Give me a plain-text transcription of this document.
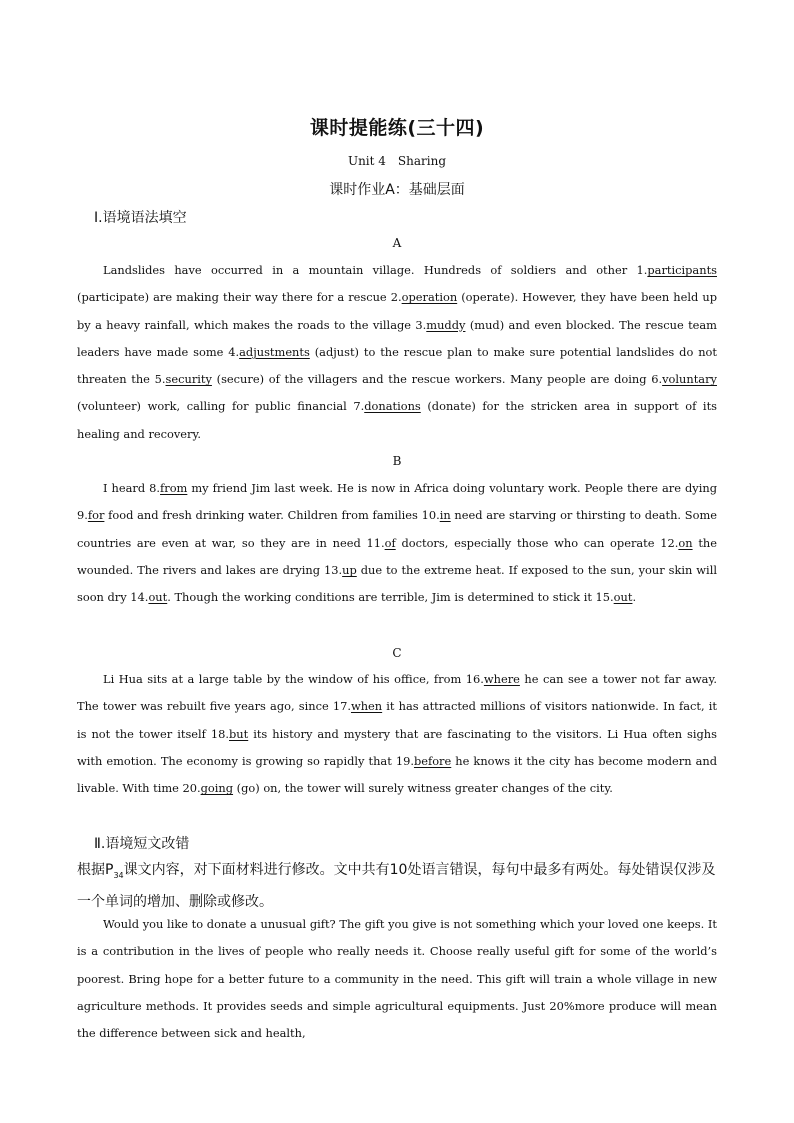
课时提能练(三十四)
Unit 4 Sharing
课时作业A：基础层面
Ⅰ.语境语法填空
A

Landslides have occurred in a mountain village. Hundreds of soldiers and other 1.participants (participate) are making their way there for a rescue 2.operation (operate). However, they have been held up by a heavy rainfall, which makes the roads to the village 3.muddy (mud) and even blocked. The rescue team leaders have made some 4.adjustments (adjust) to the rescue plan to make sure potential landslides do not threaten the 5.security (secure) of the villagers and the rescue workers. Many people are doing 6.voluntary (volunteer) work, calling for public financial 7.donations (donate) for the stricken area in support of its healing and recovery.

B

I heard 8.from my friend Jim last week. He is now in Africa doing voluntary work. People there are dying 9.for food and fresh drinking water. Children from families 10.in need are starving or thirsting to death. Some countries are even at war, so they are in need 11.of doctors, especially those who can operate 12.on the wounded. The rivers and lakes are drying 13.up due to the extreme heat. If exposed to the sun, your skin will soon dry 14.out. Though the working conditions are terrible, Jim is determined to stick it 15.out.

C

Li Hua sits at a large table by the window of his office, from 16.where he can see a tower not far away. The tower was rebuilt five years ago, since 17.when it has attracted millions of visitors nationwide. In fact, it is not the tower itself 18.but its history and mystery that are fascinating to the visitors. Li Hua often sighs with emotion. The economy is growing so rapidly that 19.before he knows it the city has become modern and livable. With time 20.going (go) on, the tower will surely witness greater changes of the city.

Ⅱ.语境短文改错

根据$P_{34}$课文内容，对下面材料进行修改。文中共有10处语言错误，每句中最多有两处。每处错误仅涉及一个单词的增加、删除或修改。

Would you like to donate a unusual gift? The gift you give is not something which your loved one keeps. It is a contribution in the lives of people who really needs it. Choose really useful gift for some of the world’s poorest. Bring hope for a better future to a community in the need. This gift will train a whole village in new agriculture methods. It provides seeds and simple agricultural equipments. Just 20%more produce will mean the difference between sick and health,
